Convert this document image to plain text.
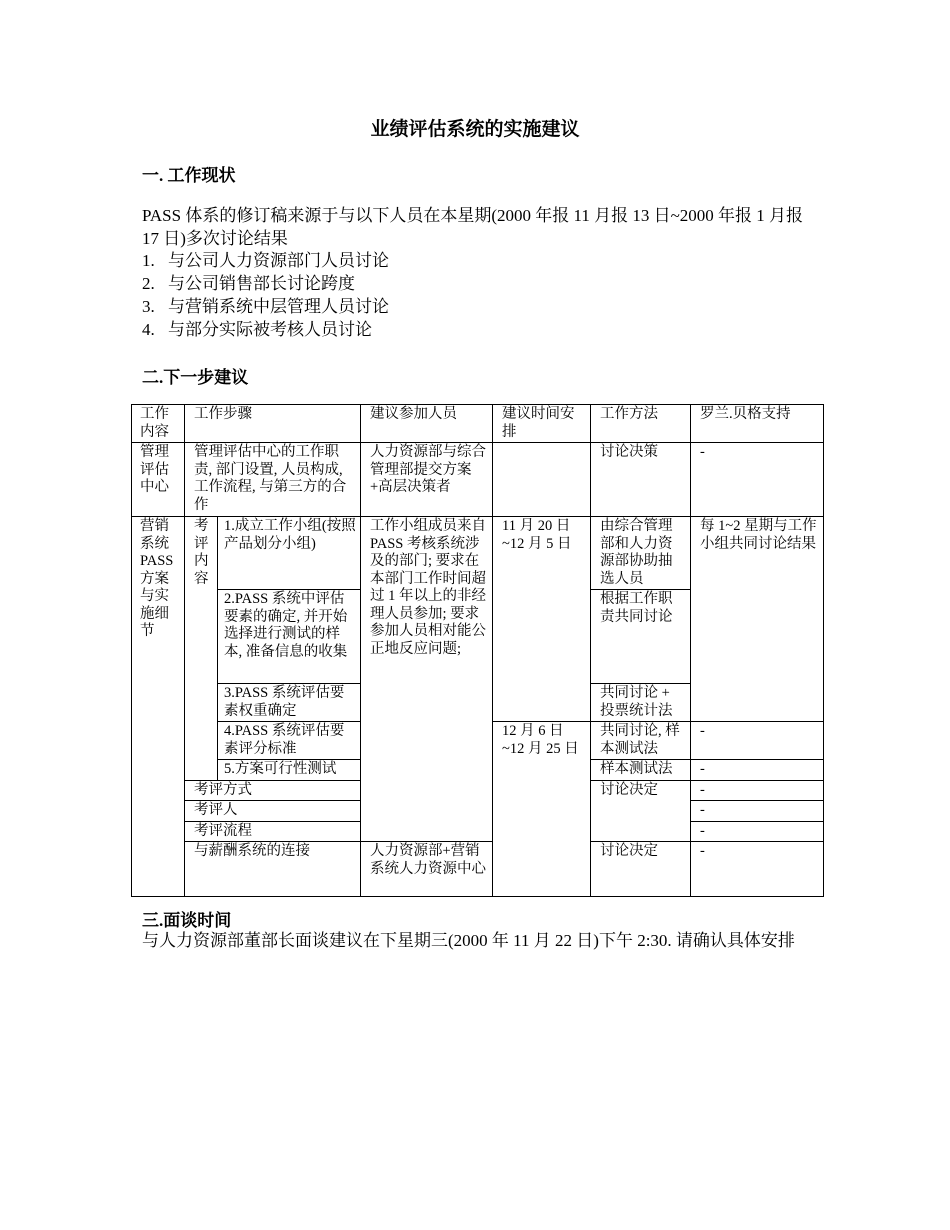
业绩评估系统的实施建议
一. 工作现状
PASS 体系的修订稿来源于与以下人员在本星期(2000 年报 11 月报 13 日~2000 年报 1 月报 17 日)多次讨论结果
1. 与公司人力资源部门人员讨论
2. 与公司销售部长讨论跨度
3. 与营销系统中层管理人员讨论
4. 与部分实际被考核人员讨论
二.下一步建议
工作内容	工作步骤		建议参加人员	建议时间安排	工作方法	罗兰.贝格支持
管理评估中心	管理评估中心的工作职责, 部门设置, 人员构成, 工作流程, 与第三方的合作		人力资源部与综合管理部提交方案+高层决策者		讨论决策	-
营销系统PASS方案与实施细节	考评内容	1.成立工作小组(按照产品划分小组)	工作小组成员来自 PASS 考核系统涉及的部门; 要求在本部门工作时间超过 1 年以上的非经理人员参加; 要求参加人员相对能公正地反应问题;	11 月 20 日 ~12 月 5 日	由综合管理部和人力资源部协助抽选人员	每 1~2 星期与工作小组共同讨论结果
		2.PASS 系统中评估要素的确定, 并开始选择进行测试的样本, 准备信息的收集			根据工作职责共同讨论	
		3.PASS 系统评估要素权重确定			共同讨论 + 投票统计法	
		4.PASS 系统评估要素评分标准		12 月 6 日 ~12 月 25 日	共同讨论, 样本测试法	-
		5.方案可行性测试			样本测试法	-
	考评方式				讨论决定	-
	考评人					-
	考评流程					-
	与薪酬系统的连接		人力资源部+营销系统人力资源中心		讨论决定	-
三.面谈时间
与人力资源部董部长面谈建议在下星期三(2000 年 11 月 22 日)下午 2:30. 请确认具体安排
